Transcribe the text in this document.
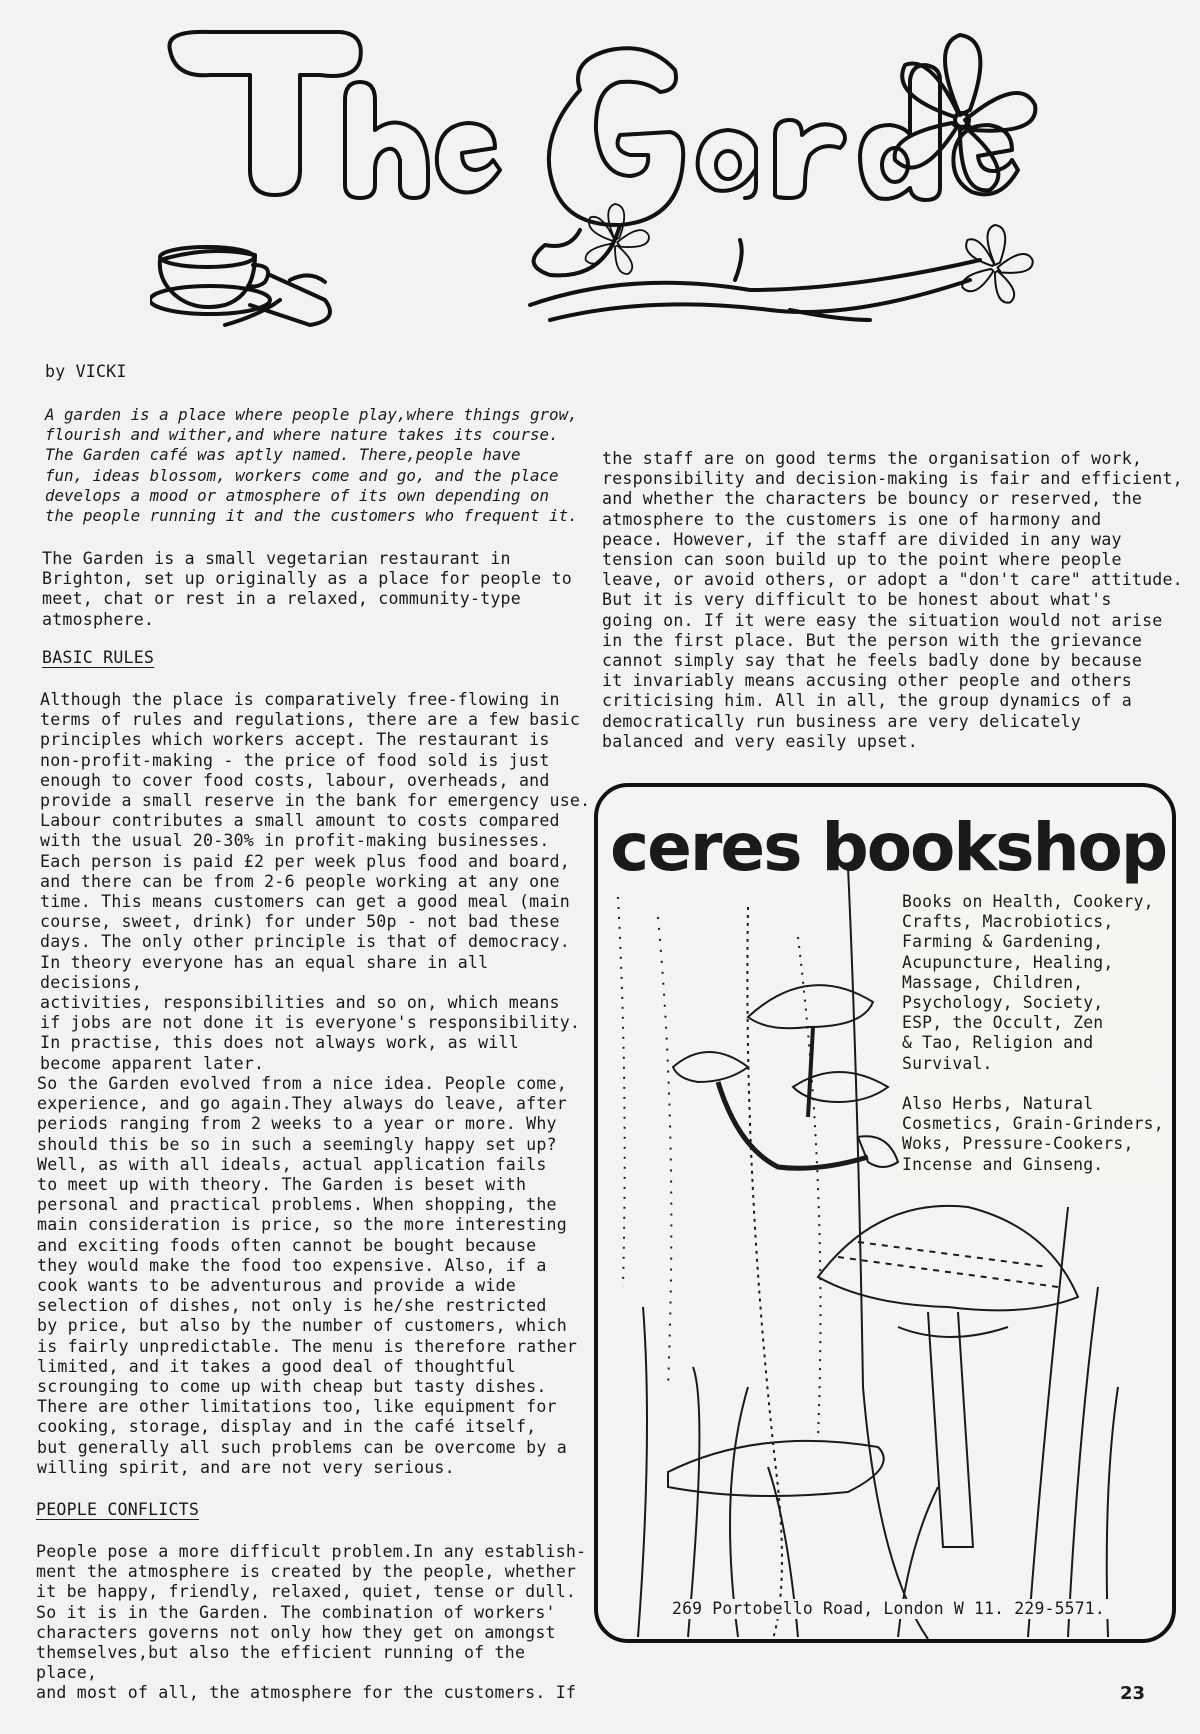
by VICKI

A garden is a place where people play,where things grow,
flourish and wither,and where nature takes its course.
The Garden café was aptly named. There,people have
fun, ideas blossom, workers come and go, and the place
develops a mood or atmosphere of its own depending on
the people running it and the customers who frequent it.

The Garden is a small vegetarian restaurant in
Brighton, set up originally as a place for people to
meet, chat or rest in a relaxed, community-type
atmosphere.

BASIC RULES

Although the place is comparatively free-flowing in
terms of rules and regulations, there are a few basic
principles which workers accept. The restaurant is
non-profit-making - the price of food sold is just
enough to cover food costs, labour, overheads, and
provide a small reserve in the bank for emergency use.
Labour contributes a small amount to costs compared
with the usual 20-30% in profit-making businesses.
Each person is paid £2 per week plus food and board,
and there can be from 2-6 people working at any one
time. This means customers can get a good meal (main
course, sweet, drink) for under 50p - not bad these
days. The only other principle is that of democracy.
In theory everyone has an equal share in all decisions,
activities, responsibilities and so on, which means
if jobs are not done it is everyone's responsibility.
In practise, this does not always work, as will
become apparent later.

So the Garden evolved from a nice idea. People come,
experience, and go again.They always do leave, after
periods ranging from 2 weeks to a year or more. Why
should this be so in such a seemingly happy set up?
Well, as with all ideals, actual application fails
to meet up with theory. The Garden is beset with
personal and practical problems. When shopping, the
main consideration is price, so the more interesting
and exciting foods often cannot be bought because
they would make the food too expensive. Also, if a
cook wants to be adventurous and provide a wide
selection of dishes, not only is he/she restricted
by price, but also by the number of customers, which
is fairly unpredictable. The menu is therefore rather
limited, and it takes a good deal of thoughtful
scrounging to come up with cheap but tasty dishes.
There are other limitations too, like equipment for
cooking, storage, display and in the café itself,
but generally all such problems can be overcome by a
willing spirit, and are not very serious.

PEOPLE CONFLICTS

People pose a more difficult problem.In any establish-
ment the atmosphere is created by the people, whether
it be happy, friendly, relaxed, quiet, tense or dull.
So it is in the Garden. The combination of workers'
characters governs not only how they get on amongst
themselves,but also the efficient running of the place,
and most of all, the atmosphere for the customers. If

the staff are on good terms the organisation of work,
responsibility and decision-making is fair and efficient,
and whether the characters be bouncy or reserved, the
atmosphere to the customers is one of harmony and
peace. However, if the staff are divided in any way
tension can soon build up to the point where people
leave, or avoid others, or adopt a "don't care" attitude.
But it is very difficult to be honest about what's
going on. If it were easy the situation would not arise
in the first place. But the person with the grievance
cannot simply say that he feels badly done by because
it invariably means accusing other people and others
criticising him. All in all, the group dynamics of a
democratically run business are very delicately
balanced and very easily upset.

ceres bookshop

Books on Health, Cookery,
Crafts, Macrobiotics,
Farming & Gardening,
Acupuncture, Healing,
Massage, Children,
Psychology, Society,
ESP, the Occult, Zen
& Tao, Religion and
Survival.

Also Herbs, Natural
Cosmetics, Grain-Grinders,
Woks, Pressure-Cookers,
Incense and Ginseng.

269 Portobello Road, London W 11. 229-5571.
23
